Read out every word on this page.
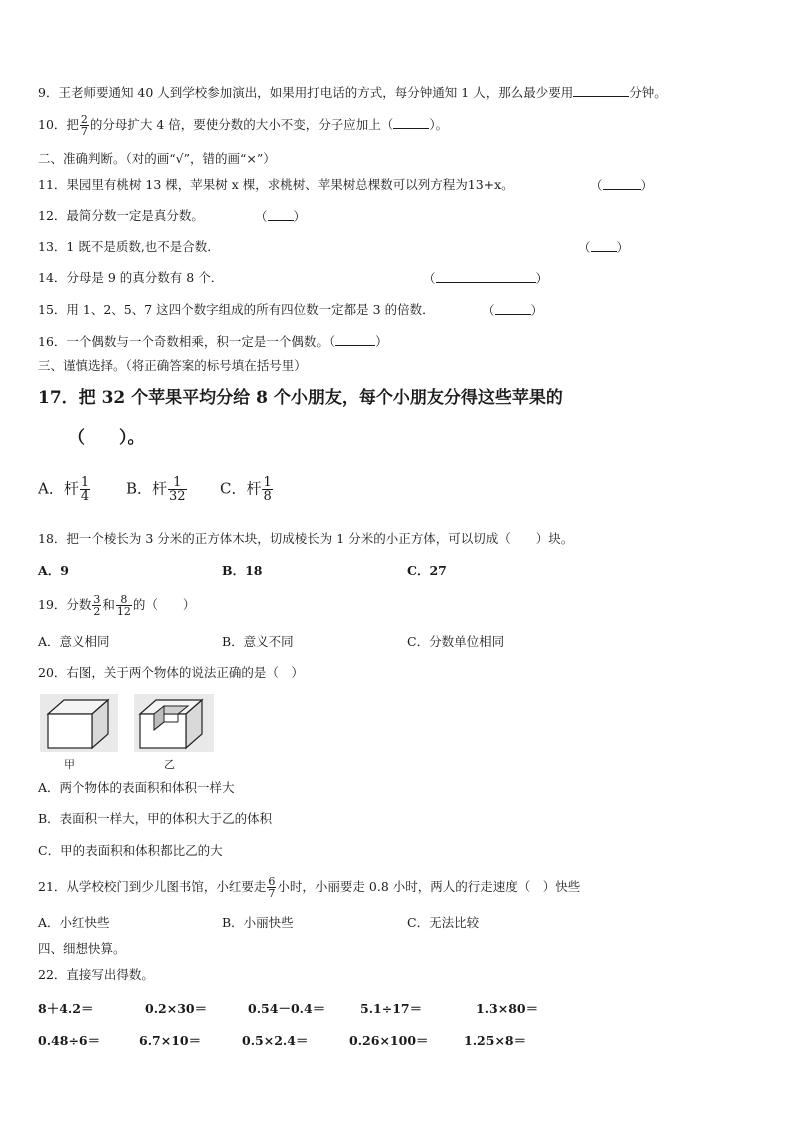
9．王老师要通知 40 人到学校参加演出，如果用打电话的方式，每分钟通知 1 人，那么最少要用	分钟。
10．把 $\frac{2}{7}$ 的分母扩大 4 倍，要使分数的大小不变，分子应加上（	）。
二、准确判断。（对的画“√”，错的画“×”）
11．果园里有桃树 13 棵，苹果树 x 棵，求桃树、苹果树总棵数可以列方程为13+x。	（	）
12．最简分数一定是真分数。	（ ）
13．1 既不是质数,也不是合数．	（ ）
14．分母是 9 的真分数有 8 个．	（	）
15．用 1、2、5、7 这四个数字组成的所有四位数一定都是 3 的倍数．	（	）
16．一个偶数与一个奇数相乘，积一定是一个偶数。（	）
三、谨慎选择。（将正确答案的标号填在括号里）
17．把 32 个苹果平均分给 8 个小朋友，每个小朋友分得这些苹果的
（　　）。
A．杆 $\frac{1}{4}$ B．杆 $\frac{1}{32}$ C．杆 $\frac{1}{8}$
18．把一个棱长为 3 分米的正方体木块，切成棱长为 1 分米的小正方体，可以切成（　　）块。
A．9	B．18	C．27
19．分数 $\frac{3}{2}$ 和 $\frac{8}{12}$ 的（　　）
A．意义相同	B．意义不同	C．分数单位相同
20．右图，关于两个物体的说法正确的是（　）
甲	乙
A．两个物体的表面积和体积一样大
B．表面积一样大，甲的体积大于乙的体积
C．甲的表面积和体积都比乙的大
21．从学校校门到少儿图书馆，小红要走 $\frac{6}{7}$ 小时，小丽要走 0.8 小时，两人的行走速度（　）快些
A．小红快些	B．小丽快些	C．无法比较
四、细想快算。
22．直接写出得数。
8＋4.2＝	0.2×30＝	0.54－0.4＝	5.1÷17＝	1.3×80＝
0.48÷6＝	6.7×10＝	0.5×2.4＝	0.26×100＝	1.25×8＝
